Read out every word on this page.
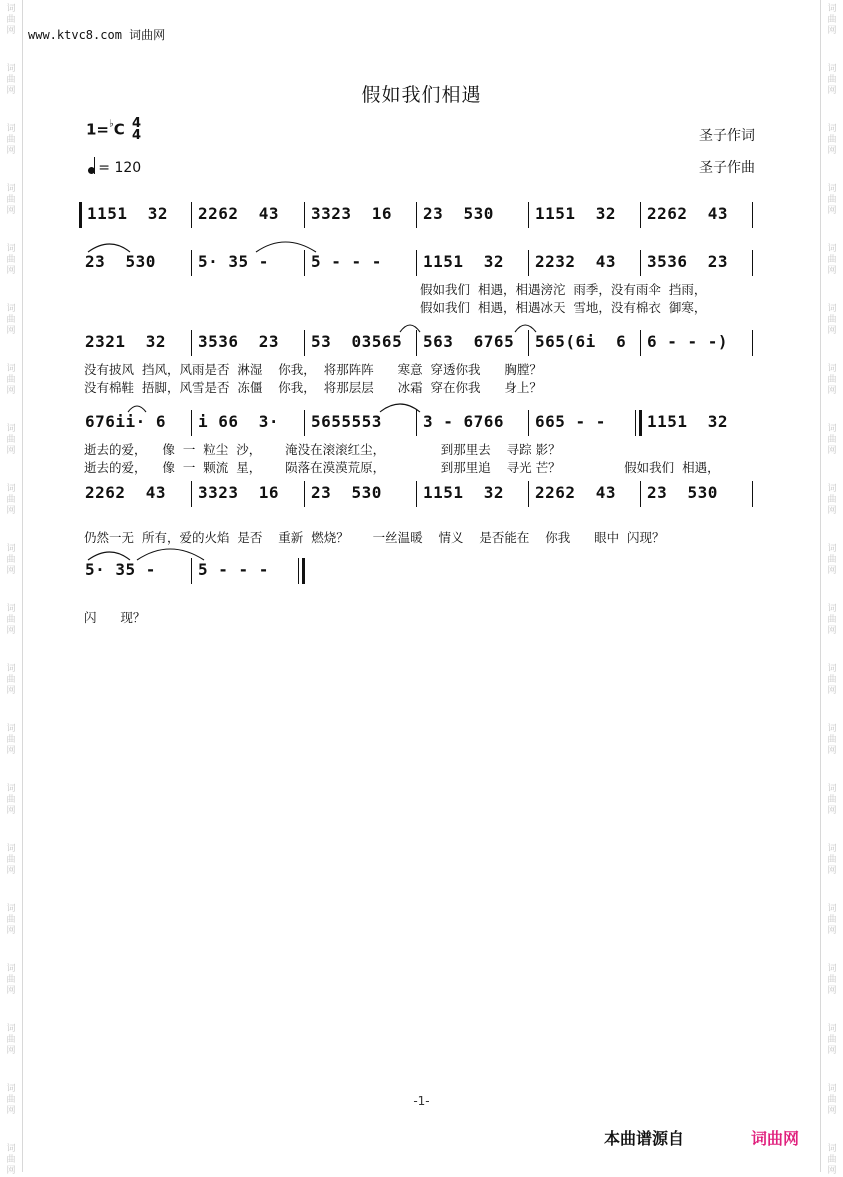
词
曲
网
词
曲
网
词
曲
网
词
曲
网
词
曲
网
词
曲
网
词
曲
网
词
曲
网
词
曲
网
词
曲
网
词
曲
网
词
曲
网
词
曲
网
词
曲
网
词
曲
网
词
曲
网
词
曲
网
词
曲
网
词
曲
网
词
曲
网
词
曲
网
词
曲
网
词
曲
网
词
曲
网
词
曲
网
词
曲
网
词
曲
网
词
曲
网
词
曲
网
词
曲
网
词
曲
网
词
曲
网
词
曲
网
词
曲
网
词
曲
网
词
曲
网
词
曲
网
词
曲
网
词
曲
网
词
曲
网
www.ktvc8.com 词曲网
假如我们相遇
1=♭C 4
4
= 120
圣子作词
圣子作曲
1151  32 2262  43 3323  16 23  530	1151  32 2262  43
23  530	5· 35 -	5 - - -	1151  32 2232  43 3536  23
假如我们  相遇，相遇滂沱  雨季，没有雨伞  挡雨，
假如我们  相遇，相遇冰天  雪地，没有棉衣  御寒，
2321  32 3536  23 53  03565 563  6765 565(6i  6 6 - - -)
没有披风  挡风，风雨是否  淋湿    你我，  将那阵阵      寒意  穿透你我      胸膛？
没有棉鞋  捂脚，风雪是否  冻僵    你我，  将那层层      冰霜  穿在你我      身上？
676ii· 6 i 66  3· 5655553	3 - 6766 665 - -	1151  32
逝去的爱，    像  一  粒尘  沙，      淹没在滚滚红尘，              到那里去    寻踪 影？
逝去的爱，    像  一  颗流  星，      陨落在漠漠荒原，              到那里追    寻光 芒？                假如我们  相遇，
2262  43 3323  16 23  530	1151  32 2262  43 23  530
仍然一无  所有，爱的火焰  是否    重新  燃烧？      一丝温暖    情义    是否能在    你我      眼中  闪现？
5· 35 -	5 - - -
闪      现？
-1-
本曲谱源自	词曲网
